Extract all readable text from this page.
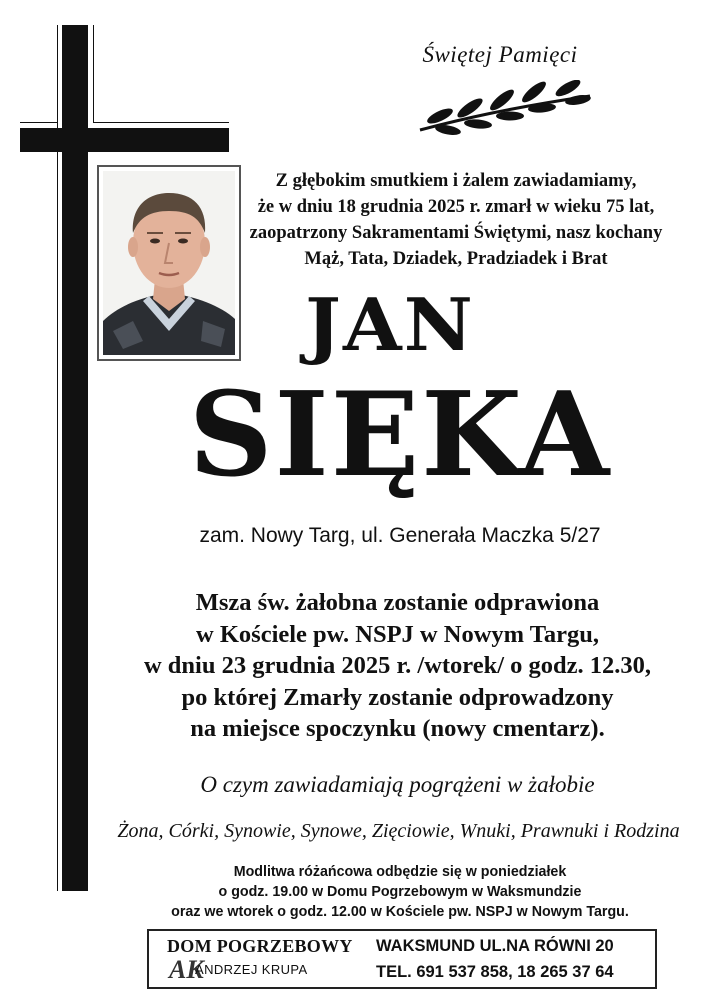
Świętej Pamięci
Z głębokim smutkiem i żalem zawiadamiamy,
że w dniu 18 grudnia 2025 r. zmarł w wieku 75 lat,
zaopatrzony Sakramentami Świętymi, nasz kochany
Mąż, Tata, Dziadek, Pradziadek i Brat
JAN
SIĘKA
zam. Nowy Targ, ul. Generała Maczka 5/27
Msza św. żałobna zostanie odprawiona
w Kościele pw. NSPJ w Nowym Targu,
w dniu 23 grudnia 2025 r. /wtorek/ o godz. 12.30,
po której Zmarły zostanie odprowadzony
na miejsce spoczynku (nowy cmentarz).
O czym zawiadamiają pogrążeni w żałobie
Żona, Córki, Synowie, Synowe, Zięciowie, Wnuki, Prawnuki i Rodzina
Modlitwa różańcowa odbędzie się w poniedziałek
o godz. 19.00 w Domu Pogrzebowym w Waksmundzie
oraz we wtorek o godz. 12.00 w Kościele pw. NSPJ w Nowym Targu.
DOM POGRZEBOWY
AK
ANDRZEJ KRUPA
WAKSMUND UL.NA RÓWNI 20
TEL. 691 537 858, 18 265 37 64
